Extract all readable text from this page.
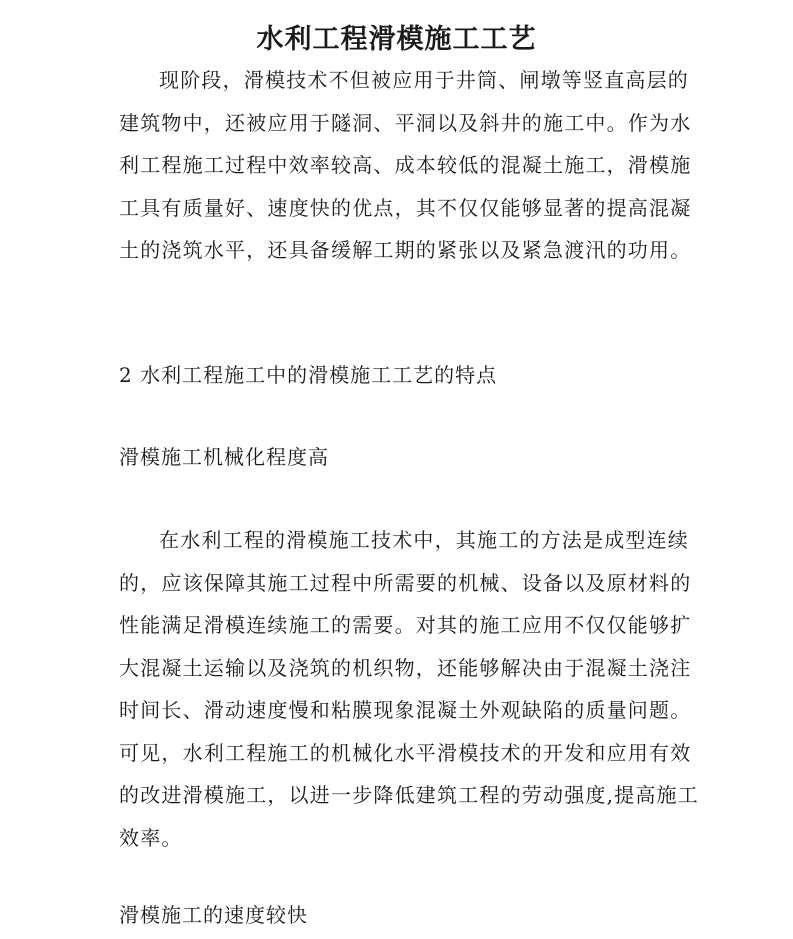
水利工程滑模施工工艺

现阶段，滑模技术不但被应用于井筒、闸墩等竖直高层的建筑物中，还被应用于隧洞、平洞以及斜井的施工中。作为水利工程施工过程中效率较高、成本较低的混凝土施工，滑模施工具有质量好、速度快的优点，其不仅仅能够显著的提高混凝土的浇筑水平，还具备缓解工期的紧张以及紧急渡汛的功用。

2 水利工程施工中的滑模施工工艺的特点

滑模施工机械化程度高

在水利工程的滑模施工技术中，其施工的方法是成型连续的，应该保障其施工过程中所需要的机械、设备以及原材料的性能满足滑模连续施工的需要。对其的施工应用不仅仅能够扩大混凝土运输以及浇筑的机织物，还能够解决由于混凝土浇注时间长、滑动速度慢和粘膜现象混凝土外观缺陷的质量问题。可见，水利工程施工的机械化水平滑模技术的开发和应用有效的改进滑模施工，以进一步降低建筑工程的劳动强度,提高施工效率。

滑模施工的速度较快
